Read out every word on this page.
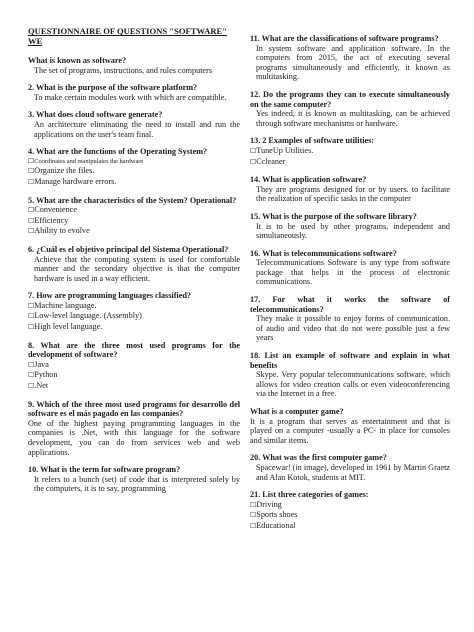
QUESTIONNAIRE OF QUESTIONS "SOFTWARE" WE
What is known as software?
The set of programs, instructions, and rules computers
2. What is the purpose of the software platform?
To make certain modules work with which are compatible.
3. What does cloud software generate?
An architecture eliminating the need to install and run the applications on the user's team final.
4. What are the functions of the Operating System?
☐ Coordinates and manipulates the hardware
☐ Organize the files.
☐ Manage hardware errors.
5. What are the characteristics of the System? Operational?
☐ Convenience
☐ Efficiency
☐ Ability to evolve
6. ¿Cuál es el objetivo principal del Sistema Operational?
Achieve that the computing system is used for comfortable manner and the secondary objective is that the computer hardware is used in a way efficient.
7. How are programming languages classified?
☐ Machine language.
☐ Low-level language. (Assembly)
☐ High level language.
8. What are the three most used programs for the development of software?
☐ Java
☐ Python
☐ .Net
9. Which of the three most used programs for desarrollo del software es el más pagado en las companies?
One of the highest paying programming languages in the companies is .Net, with this language for the software development, you can do from services web and web applications.
10. What is the term for software program?
It refers to a bunch (set) of code that is interpreted solely by the computers, it is to say, programming
11. What are the classifications of software programs?
In system software and application software. In the computers from 2015, the act of executing several programs simultaneously and efficiently, it known as multitasking.
12. Do the programs they can to execute simultaneously on the same computer?
Yes indeed, it is known as multitasking, can be achieved through software mechanisms or hardware.
13. 2 Examples of software utilities:
☐ TuneUp Utilities.
☐ Ccleaner
14. What is application software?
They are programs designed for or by users. to facilitate the realization of specific tasks in the computer
15. What is the purpose of the software library?
It is to be used by other programs, independent and simultaneously.
16. What is telecommunications software?
Telecommunications Software is any type from software package that helps in the process of electronic communications.
17. For what it works the software of telecommunications?
They make it possible to enjoy forms of communication. of audio and video that do not were possible just a few years
18. List an example of software and explain in what benefits
Skype. Very popular telecommunications software, which allows for video creation calls or even videoconferencing via the Internet in a free.
What is a computer game?
It is a program that serves as entertainment and that is played on a computer -usually a PC- in place for consoles and similar items.
20. What was the first computer game?
Spacewar! (in image), developed in 1961 by Martin Graetz and Alan Kotok, students at MIT.
21. List three categories of games:
☐ Driving
☐ Sports shoes
☐ Educational
